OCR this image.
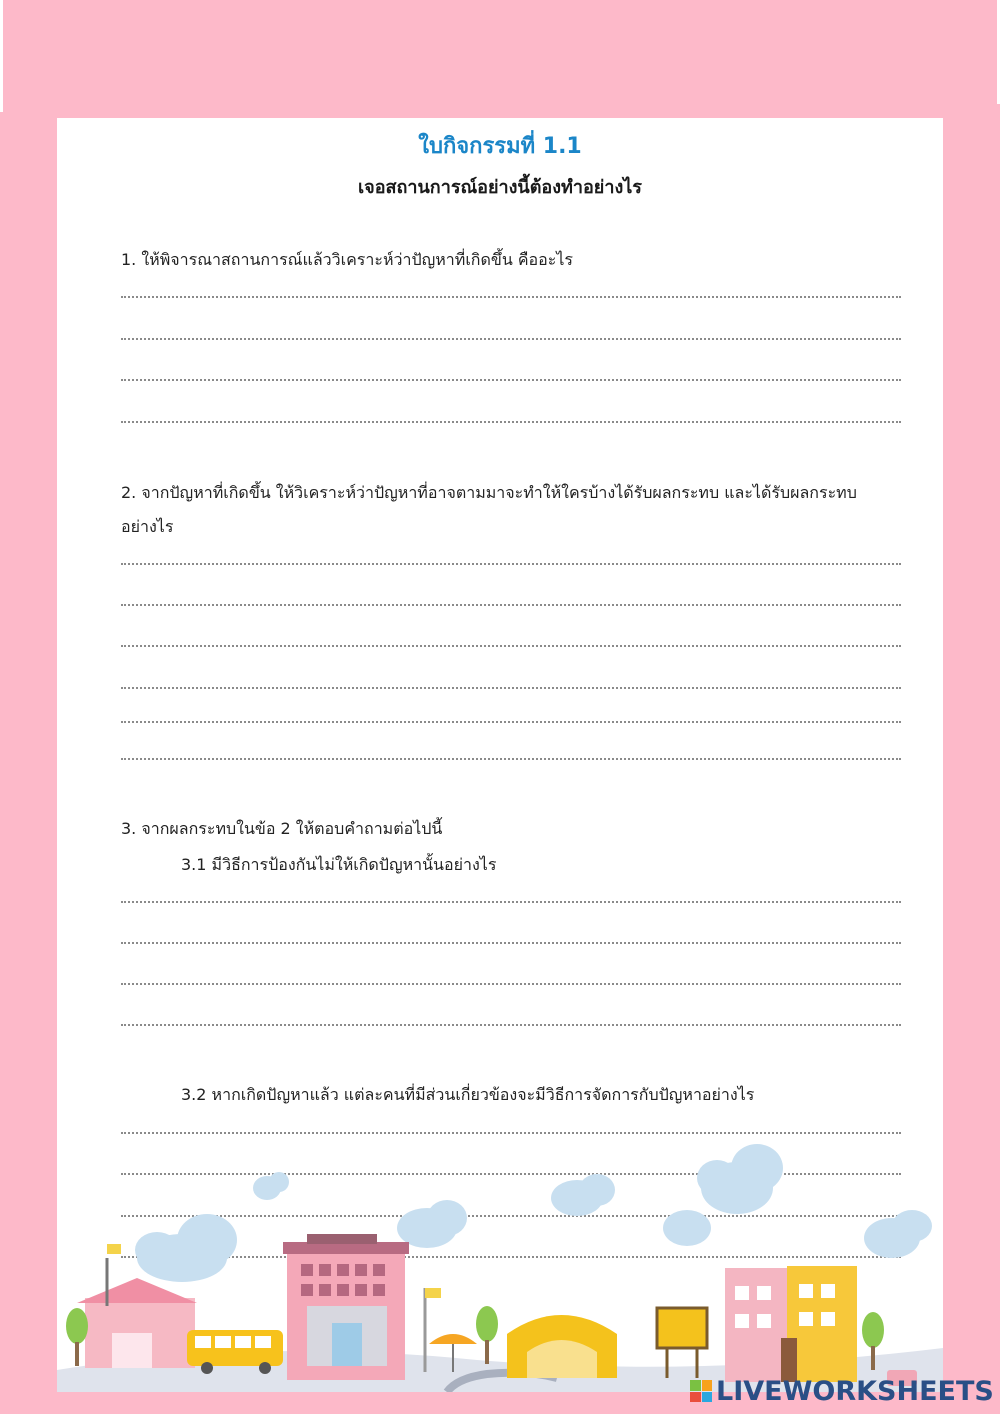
ใบกิจกรรมที่ 1.1
เจอสถานการณ์อย่างนี้ต้องทำอย่างไร
1. ให้พิจารณาสถานการณ์แล้ววิเคราะห์ว่าปัญหาที่เกิดขึ้น คืออะไร
2. จากปัญหาที่เกิดขึ้น ให้วิเคราะห์ว่าปัญหาที่อาจตามมาจะทำให้ใครบ้างได้รับผลกระทบ และได้รับผลกระทบ
อย่างไร
3. จากผลกระทบในข้อ 2 ให้ตอบคำถามต่อไปนี้
3.1 มีวิธีการป้องกันไม่ให้เกิดปัญหานั้นอย่างไร
3.2 หากเกิดปัญหาแล้ว แต่ละคนที่มีส่วนเกี่ยวข้องจะมีวิธีการจัดการกับปัญหาอย่างไร
LIVEWORKSHEETS
